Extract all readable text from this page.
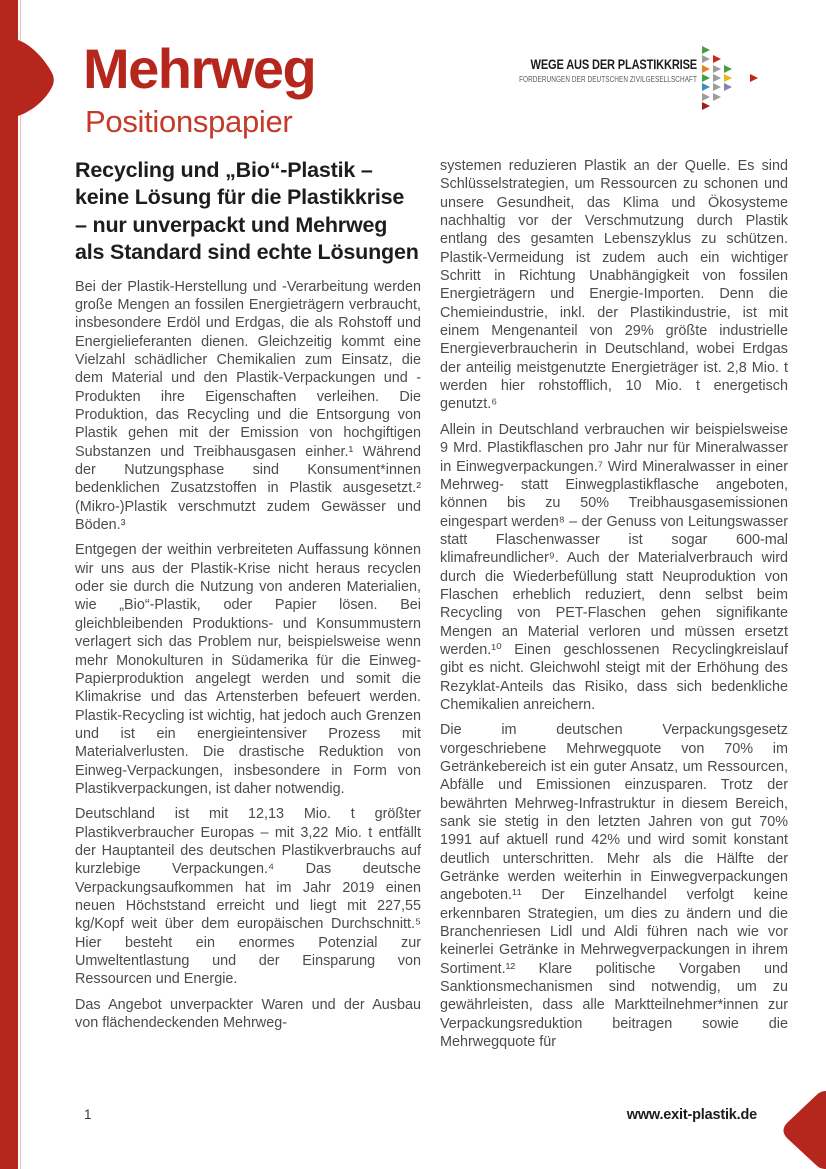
Mehrweg
Positionspapier
WEGE AUS DER PLASTIKKRISE
FORDERUNGEN DER DEUTSCHEN ZIVILGESELLSCHAFT
Recycling und „Bio“-Plastik – keine Lösung für die Plastikkrise – nur unverpackt und Mehrweg als Standard sind echte Lösungen

Bei der Plastik-Herstellung und -Verarbeitung werden große Mengen an fossilen Energieträgern verbraucht, insbesondere Erdöl und Erdgas, die als Rohstoff und Energielieferanten dienen. Gleichzeitig kommt eine Vielzahl schädlicher Chemikalien zum Einsatz, die dem Material und den Plastik-Verpackungen und -Produkten ihre Eigenschaften verleihen. Die Produktion, das Recycling und die Entsorgung von Plastik gehen mit der Emission von hochgiftigen Substanzen und Treibhausgasen einher.¹ Während der Nutzungsphase sind Konsument*innen bedenklichen Zusatzstoffen in Plastik ausgesetzt.² (Mikro-)Plastik verschmutzt zudem Gewässer und Böden.³

Entgegen der weithin verbreiteten Auffassung können wir uns aus der Plastik-Krise nicht heraus recyclen oder sie durch die Nutzung von anderen Materialien, wie „Bio“-Plastik, oder Papier lösen. Bei gleichbleibenden Produktions- und Konsummustern verlagert sich das Problem nur, beispielsweise wenn mehr Monokulturen in Südamerika für die Einweg-Papierproduktion angelegt werden und somit die Klimakrise und das Artensterben befeuert werden. Plastik-Recycling ist wichtig, hat jedoch auch Grenzen und ist ein energieintensiver Prozess mit Materialverlusten. Die drastische Reduktion von Einweg-Verpackungen, insbesondere in Form von Plastikverpackungen, ist daher notwendig.

Deutschland ist mit 12,13 Mio. t größter Plastikverbraucher Europas – mit 3,22 Mio. t entfällt der Hauptanteil des deutschen Plastikverbrauchs auf kurzlebige Verpackungen.⁴ Das deutsche Verpackungsaufkommen hat im Jahr 2019 einen neuen Höchststand erreicht und liegt mit 227,55 kg/Kopf weit über dem europäischen Durchschnitt.⁵ Hier besteht ein enormes Potenzial zur Umweltentlastung und der Einsparung von Ressourcen und Energie.

Das Angebot unverpackter Waren und der Ausbau von flächendeckenden Mehrweg-

systemen reduzieren Plastik an der Quelle. Es sind Schlüsselstrategien, um Ressourcen zu schonen und unsere Gesundheit, das Klima und Ökosysteme nachhaltig vor der Verschmutzung durch Plastik entlang des gesamten Lebenszyklus zu schützen. Plastik-Vermeidung ist zudem auch ein wichtiger Schritt in Richtung Unabhängigkeit von fossilen Energieträgern und Energie-Importen. Denn die Chemieindustrie, inkl. der Plastikindustrie, ist mit einem Mengenanteil von 29% größte industrielle Energieverbraucherin in Deutschland, wobei Erdgas der anteilig meistgenutzte Energieträger ist. 2,8 Mio. t werden hier rohstofflich, 10 Mio. t energetisch genutzt.⁶

Allein in Deutschland verbrauchen wir beispielsweise 9 Mrd. Plastikflaschen pro Jahr nur für Mineralwasser in Einwegverpackungen.⁷ Wird Mineralwasser in einer Mehrweg- statt Einwegplastikflasche angeboten, können bis zu 50% Treibhausgasemissionen eingespart werden⁸ – der Genuss von Leitungswasser statt Flaschenwasser ist sogar 600-mal klimafreundlicher⁹. Auch der Materialverbrauch wird durch die Wiederbefüllung statt Neuproduktion von Flaschen erheblich reduziert, denn selbst beim Recycling von PET-Flaschen gehen signifikante Mengen an Material verloren und müssen ersetzt werden.¹⁰ Einen geschlossenen Recyclingkreislauf gibt es nicht. Gleichwohl steigt mit der Erhöhung des Rezyklat-Anteils das Risiko, dass sich bedenkliche Chemikalien anreichern.

Die im deutschen Verpackungsgesetz vorgeschriebene Mehrwegquote von 70% im Getränkebereich ist ein guter Ansatz, um Ressourcen, Abfälle und Emissionen einzusparen. Trotz der bewährten Mehrweg-Infrastruktur in diesem Bereich, sank sie stetig in den letzten Jahren von gut 70% 1991 auf aktuell rund 42% und wird somit konstant deutlich unterschritten. Mehr als die Hälfte der Getränke werden weiterhin in Einwegverpackungen angeboten.¹¹ Der Einzelhandel verfolgt keine erkennbaren Strategien, um dies zu ändern und die Branchenriesen Lidl und Aldi führen nach wie vor keinerlei Getränke in Mehrwegverpackungen in ihrem Sortiment.¹² Klare politische Vorgaben und Sanktionsmechanismen sind notwendig, um zu gewährleisten, dass alle Marktteilnehmer*innen zur Verpackungsreduktion beitragen sowie die Mehrwegquote für

1	www.exit-plastik.de
